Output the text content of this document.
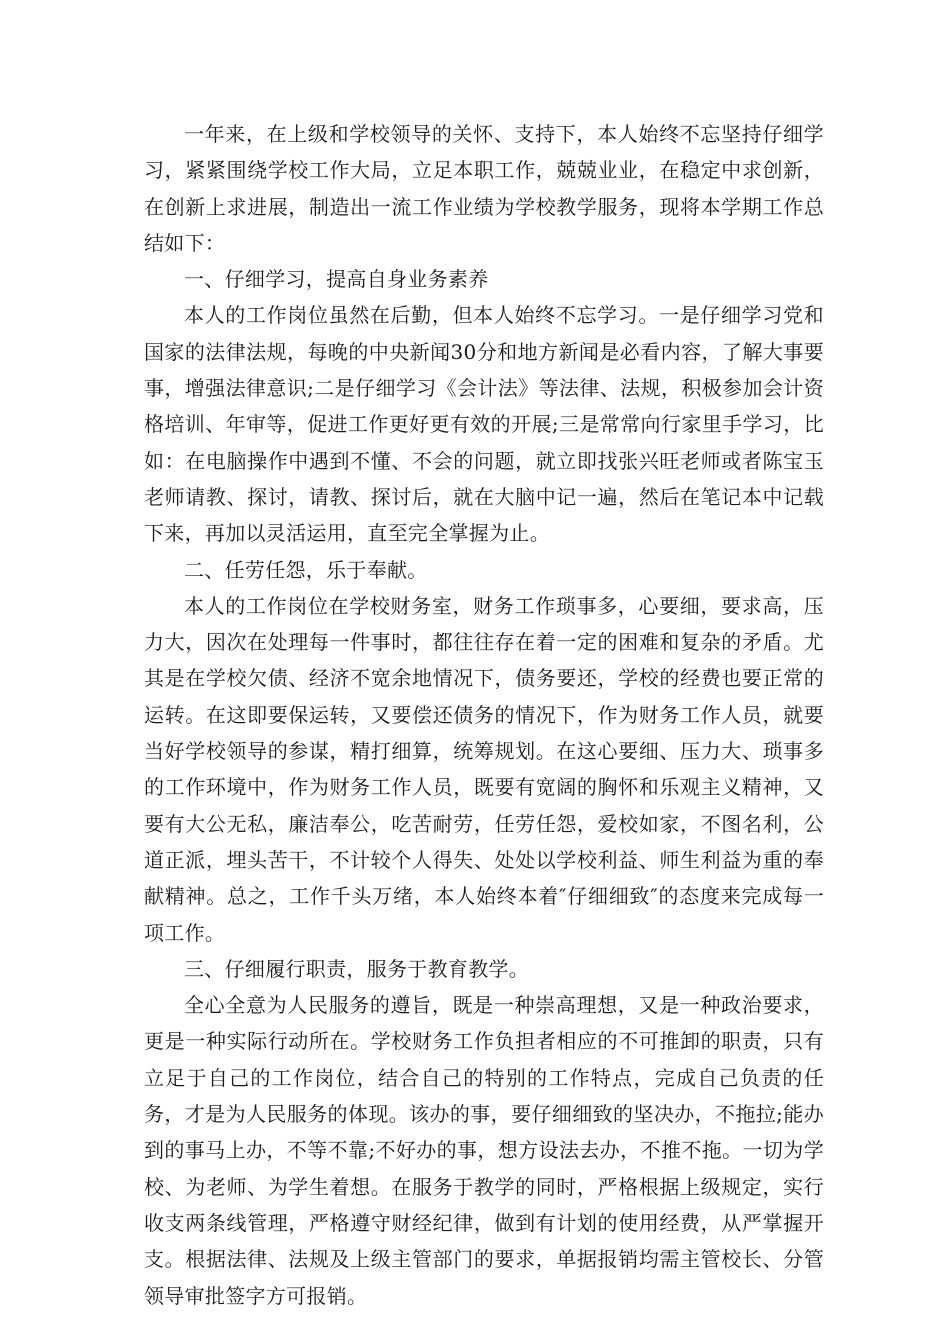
一年来，在上级和学校领导的关怀、支持下，本人始终不忘坚持仔细学习，紧紧围绕学校工作大局，立足本职工作，兢兢业业，在稳定中求创新，在创新上求进展，制造出一流工作业绩为学校教学服务，现将本学期工作总结如下：

一、仔细学习，提高自身业务素养

本人的工作岗位虽然在后勤，但本人始终不忘学习。一是仔细学习党和国家的法律法规，每晚的中央新闻30分和地方新闻是必看内容，了解大事要事，增强法律意识;二是仔细学习《会计法》等法律、法规，积极参加会计资格培训、年审等，促进工作更好更有效的开展;三是常常向行家里手学习，比如：在电脑操作中遇到不懂、不会的问题，就立即找张兴旺老师或者陈宝玉老师请教、探讨，请教、探讨后，就在大脑中记一遍，然后在笔记本中记载下来，再加以灵活运用，直至完全掌握为止。

二、任劳任怨，乐于奉献。

本人的工作岗位在学校财务室，财务工作琐事多，心要细，要求高，压力大，因次在处理每一件事时，都往往存在着一定的困难和复杂的矛盾。尤其是在学校欠债、经济不宽余地情况下，债务要还，学校的经费也要正常的运转。在这即要保运转，又要偿还债务的情况下，作为财务工作人员，就要当好学校领导的参谋，精打细算，统筹规划。在这心要细、压力大、琐事多的工作环境中，作为财务工作人员，既要有宽阔的胸怀和乐观主义精神，又要有大公无私，廉洁奉公，吃苦耐劳，任劳任怨，爱校如家，不图名利，公道正派，埋头苦干，不计较个人得失、处处以学校利益、师生利益为重的奉献精神。总之，工作千头万绪，本人始终本着″仔细细致″的态度来完成每一项工作。

三、仔细履行职责，服务于教育教学。

全心全意为人民服务的遵旨，既是一种崇高理想，又是一种政治要求，更是一种实际行动所在。学校财务工作负担者相应的不可推卸的职责，只有立足于自己的工作岗位，结合自己的特别的工作特点，完成自己负责的任务，才是为人民服务的体现。该办的事，要仔细细致的坚决办，不拖拉;能办到的事马上办，不等不靠;不好办的事，想方设法去办，不推不拖。一切为学校、为老师、为学生着想。在服务于教学的同时，严格根据上级规定，实行收支两条线管理，严格遵守财经纪律，做到有计划的使用经费，从严掌握开支。根据法律、法规及上级主管部门的要求，单据报销均需主管校长、分管领导审批签字方可报销。
